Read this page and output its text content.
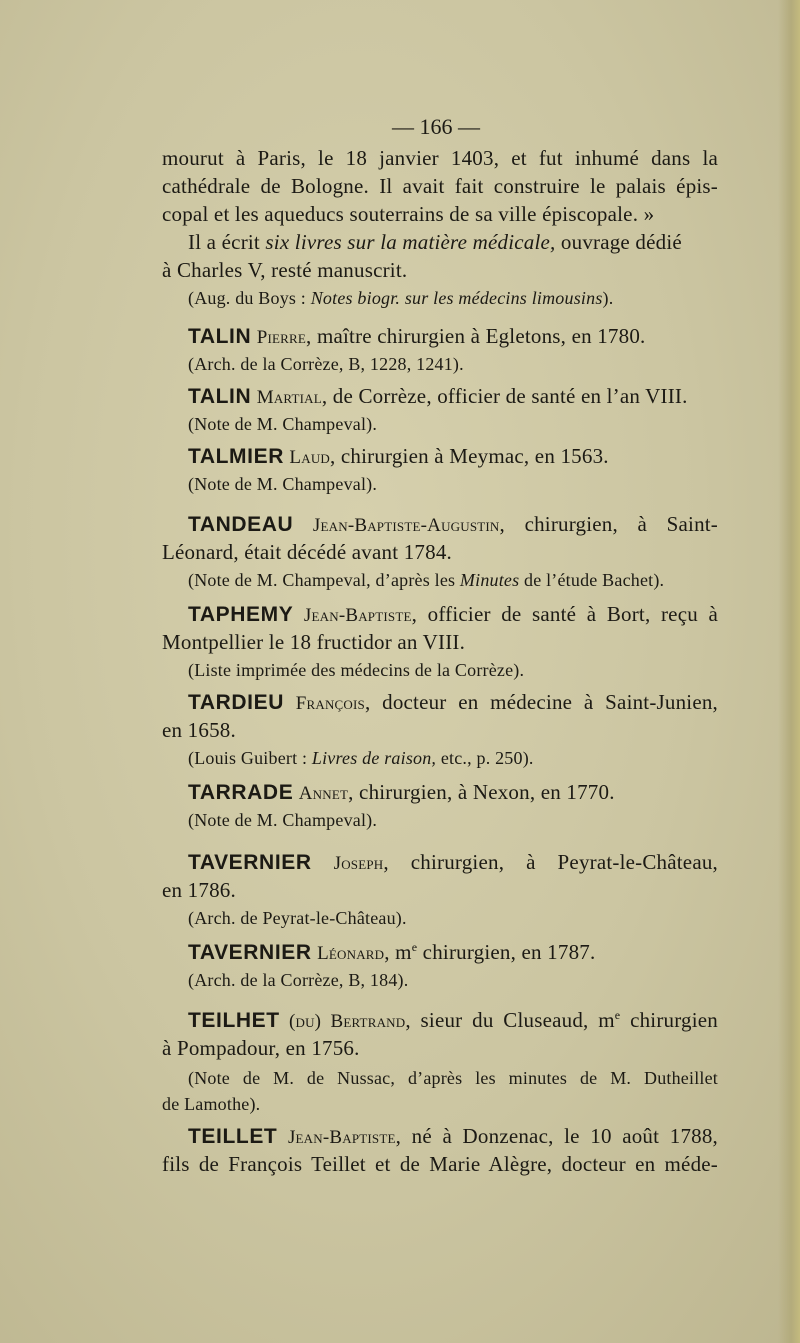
— 166 —
mourut à Paris, le 18 janvier 1403, et fut inhumé dans la
cathédrale de Bologne. Il avait fait construire le palais épis-
copal et les aqueducs souterrains de sa ville épiscopale. »
Il a écrit six livres sur la matière médicale, ouvrage dédié
à Charles V, resté manuscrit.
(Aug. du Boys : Notes biogr. sur les médecins limousins).
TALIN Pierre, maître chirurgien à Egletons, en 1780.
(Arch. de la Corrèze, B, 1228, 1241).
TALIN Martial, de Corrèze, officier de santé en l’an VIII.
(Note de M. Champeval).
TALMIER Laud, chirurgien à Meymac, en 1563.
(Note de M. Champeval).
TANDEAU Jean-Baptiste-Augustin, chirurgien, à Saint-
Léonard, était décédé avant 1784.
(Note de M. Champeval, d’après les Minutes de l’étude Bachet).
TAPHEMY Jean-Baptiste, officier de santé à Bort, reçu à
Montpellier le 18 fructidor an VIII.
(Liste imprimée des médecins de la Corrèze).
TARDIEU François, docteur en médecine à Saint-Junien,
en 1658.
(Louis Guibert : Livres de raison, etc., p. 250).
TARRADE Annet, chirurgien, à Nexon, en 1770.
(Note de M. Champeval).
TAVERNIER Joseph, chirurgien, à Peyrat-le-Château,
en 1786.
(Arch. de Peyrat-le-Château).
TAVERNIER Léonard, $m^e$ chirurgien, en 1787.
(Arch. de la Corrèze, B, 184).
TEILHET (du) Bertrand, sieur du Cluseaud, $m^e$ chirurgien
à Pompadour, en 1756.
(Note de M. de Nussac, d’après les minutes de M. Dutheillet
de Lamothe).
TEILLET Jean-Baptiste, né à Donzenac, le 10 août 1788,
fils de François Teillet et de Marie Alègre, docteur en méde-
